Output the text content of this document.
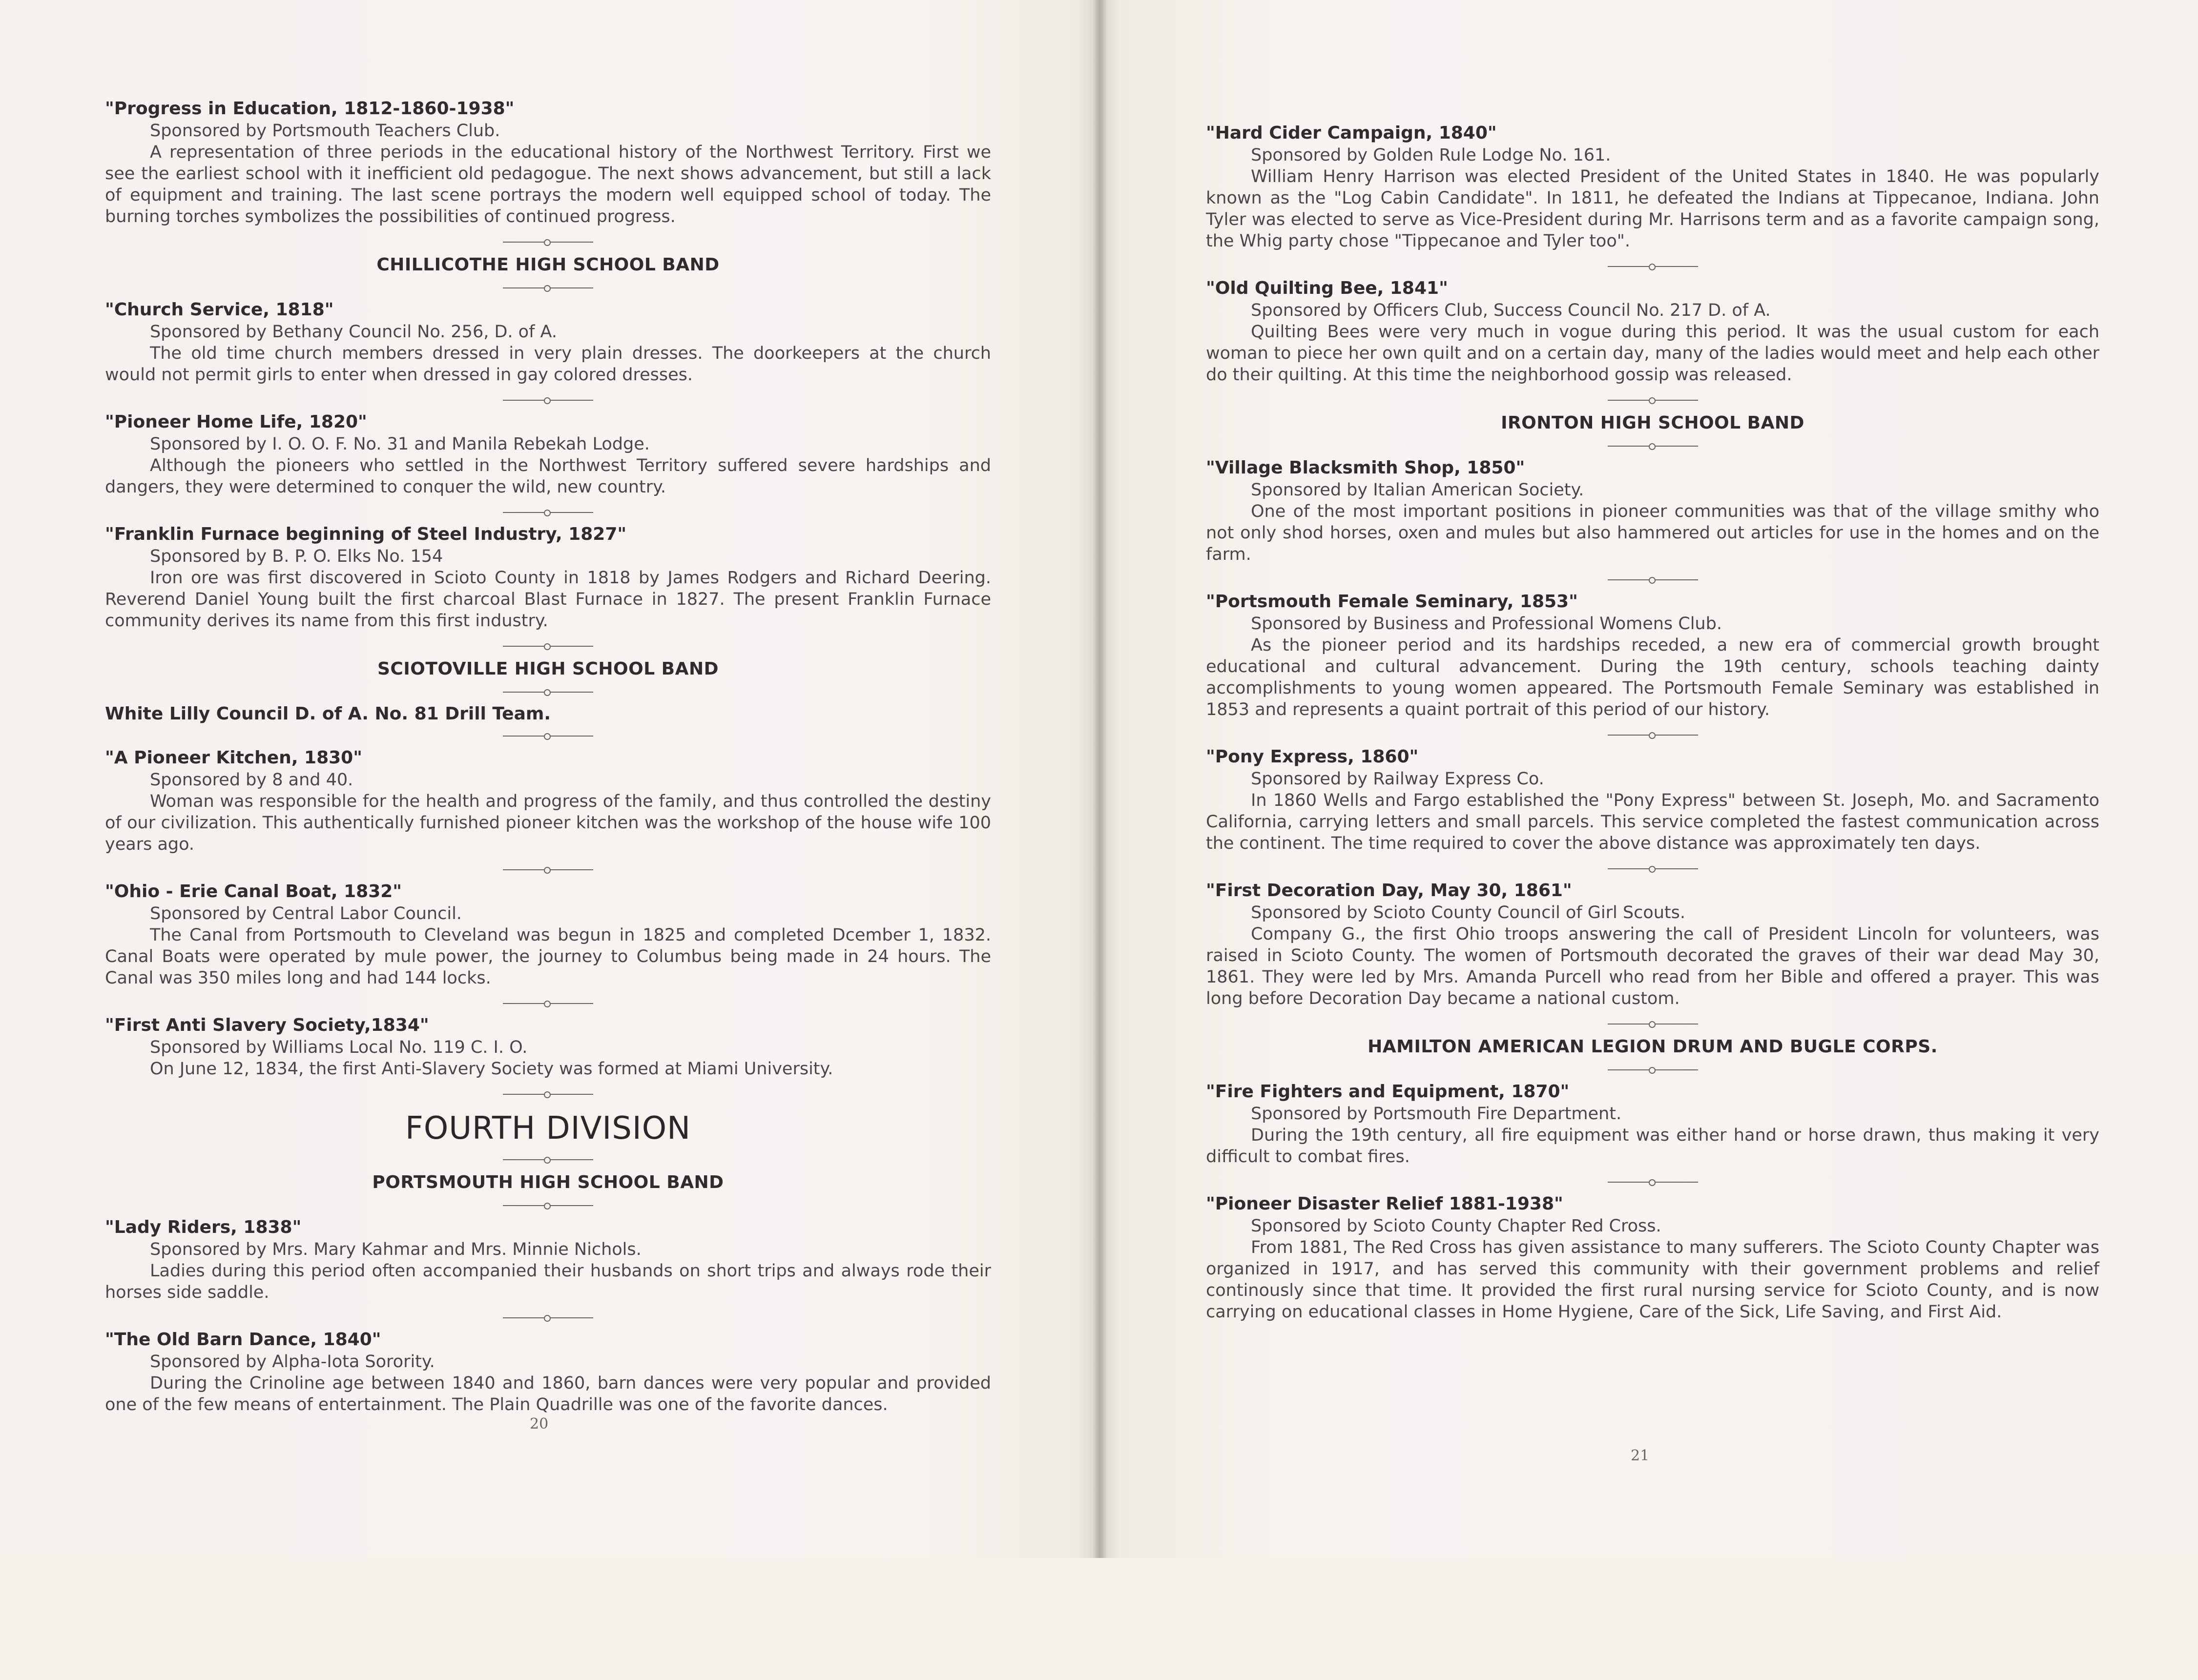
"Progress in Education, 1812-1860-1938"

Sponsored by Portsmouth Teachers Club.

A representation of three periods in the educational history of the Northwest Territory. First we see the earliest school with it inefficient old pedagogue. The next shows advancement, but still a lack of equipment and training. The last scene portrays the modern well equipped school of today. The burning torches symbolizes the possibilities of continued progress.

CHILLICOTHE HIGH SCHOOL BAND

"Church Service, 1818"

Sponsored by Bethany Council No. 256, D. of A.

The old time church members dressed in very plain dresses. The doorkeepers at the church would not permit girls to enter when dressed in gay colored dresses.

"Pioneer Home Life, 1820"

Sponsored by I. O. O. F. No. 31 and Manila Rebekah Lodge.

Although the pioneers who settled in the Northwest Territory suffered severe hardships and dangers, they were determined to conquer the wild, new country.

"Franklin Furnace beginning of Steel Industry, 1827"

Sponsored by B. P. O. Elks No. 154

Iron ore was first discovered in Scioto County in 1818 by James Rodgers and Richard Deering. Reverend Daniel Young built the first charcoal Blast Furnace in 1827. The present Franklin Furnace community derives its name from this first industry.

SCIOTOVILLE HIGH SCHOOL BAND

White Lilly Council D. of A. No. 81 Drill Team.

"A Pioneer Kitchen, 1830"

Sponsored by 8 and 40.

Woman was responsible for the health and progress of the family, and thus controlled the destiny of our civilization. This authentically furnished pioneer kitchen was the workshop of the house wife 100 years ago.

"Ohio - Erie Canal Boat, 1832"

Sponsored by Central Labor Council.

The Canal from Portsmouth to Cleveland was begun in 1825 and completed Dcember 1, 1832. Canal Boats were operated by mule power, the journey to Columbus being made in 24 hours. The Canal was 350 miles long and had 144 locks.

"First Anti Slavery Society,1834"

Sponsored by Williams Local No. 119 C. I. O.

On June 12, 1834, the first Anti-Slavery Society was formed at Miami University.

FOURTH DIVISION

PORTSMOUTH HIGH SCHOOL BAND

"Lady Riders, 1838"

Sponsored by Mrs. Mary Kahmar and Mrs. Minnie Nichols.

Ladies during this period often accompanied their husbands on short trips and always rode their horses side saddle.

"The Old Barn Dance, 1840"

Sponsored by Alpha-Iota Sorority.

During the Crinoline age between 1840 and 1860, barn dances were very popular and provided one of the few means of entertainment. The Plain Quadrille was one of the favorite dances.

"Hard Cider Campaign, 1840"

Sponsored by Golden Rule Lodge No. 161.

William Henry Harrison was elected President of the United States in 1840. He was popularly known as the "Log Cabin Candidate". In 1811, he defeated the Indians at Tippecanoe, Indiana. John Tyler was elected to serve as Vice-President during Mr. Harrisons term and as a favorite campaign song, the Whig party chose "Tippecanoe and Tyler too".

"Old Quilting Bee, 1841"

Sponsored by Officers Club, Success Council No. 217 D. of A.

Quilting Bees were very much in vogue during this period. It was the usual custom for each woman to piece her own quilt and on a certain day, many of the ladies would meet and help each other do their quilting. At this time the neighborhood gossip was released.

IRONTON HIGH SCHOOL BAND

"Village Blacksmith Shop, 1850"

Sponsored by Italian American Society.

One of the most important positions in pioneer communities was that of the village smithy who not only shod horses, oxen and mules but also hammered out articles for use in the homes and on the farm.

"Portsmouth Female Seminary, 1853"

Sponsored by Business and Professional Womens Club.

As the pioneer period and its hardships receded, a new era of commercial growth brought educational and cultural advancement. During the 19th century, schools teaching dainty accomplishments to young women appeared. The Portsmouth Female Seminary was established in 1853 and represents a quaint portrait of this period of our history.

"Pony Express, 1860"

Sponsored by Railway Express Co.

In 1860 Wells and Fargo established the "Pony Express" between St. Joseph, Mo. and Sacramento California, carrying letters and small parcels. This service completed the fastest communication across the continent. The time required to cover the above distance was approximately ten days.

"First Decoration Day, May 30, 1861"

Sponsored by Scioto County Council of Girl Scouts.

Company G., the first Ohio troops answering the call of President Lincoln for volunteers, was raised in Scioto County. The women of Portsmouth decorated the graves of their war dead May 30, 1861. They were led by Mrs. Amanda Purcell who read from her Bible and offered a prayer. This was long before Decoration Day became a national custom.

HAMILTON AMERICAN LEGION DRUM AND BUGLE CORPS.

"Fire Fighters and Equipment, 1870"

Sponsored by Portsmouth Fire Department.

During the 19th century, all fire equipment was either hand or horse drawn, thus making it very difficult to combat fires.

"Pioneer Disaster Relief 1881-1938"

Sponsored by Scioto County Chapter Red Cross.

From 1881, The Red Cross has given assistance to many sufferers. The Scioto County Chapter was organized in 1917, and has served this community with their government problems and relief continously since that time. It provided the first rural nursing service for Scioto County, and is now carrying on educational classes in Home Hygiene, Care of the Sick, Life Saving, and First Aid.

20
21
